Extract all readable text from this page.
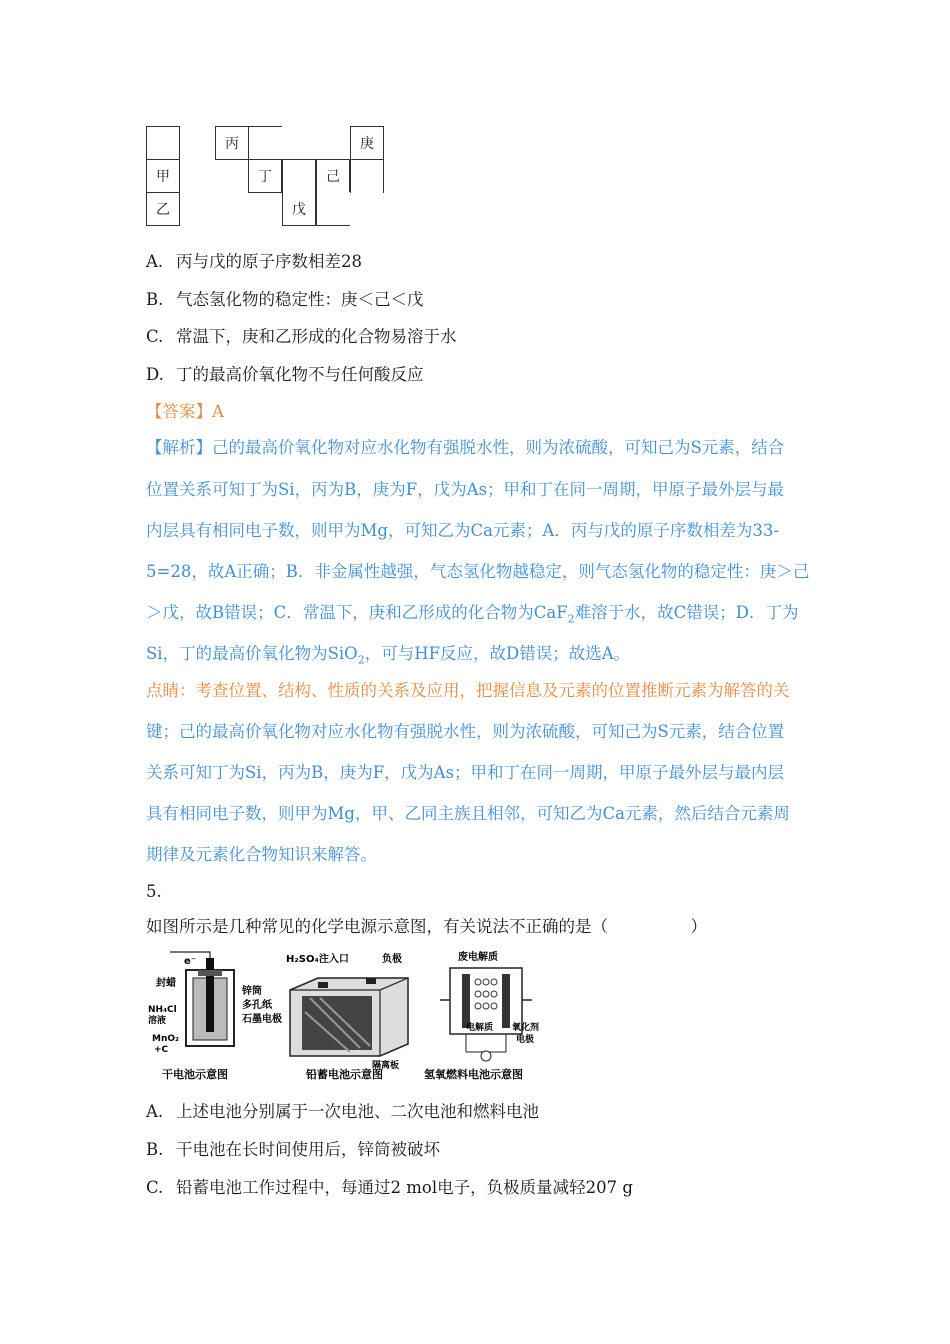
甲
乙
丙
丁
戊
己
庚
A. 丙与戊的原子序数相差28
B. 气态氢化物的稳定性：庚＜己＜戊
C. 常温下，庚和乙形成的化合物易溶于水
D. 丁的最高价氧化物不与任何酸反应
【答案】A
【解析】己的最高价氧化物对应水化物有强脱水性，则为浓硫酸，可知己为S元素，结合
位置关系可知丁为Si，丙为B，庚为F，戊为As；甲和丁在同一周期，甲原子最外层与最
内层具有相同电子数，则甲为Mg，可知乙为Ca元素；A．丙与戊的原子序数相差为33-
5=28，故A正确；B．非金属性越强，气态氢化物越稳定，则气态氢化物的稳定性：庚＞己
＞戊，故B错误；C．常温下，庚和乙形成的化合物为CaF$_2$难溶于水，故C错误；D．丁为
Si，丁的最高价氧化物为SiO$_2$，可与HF反应，故D错误；故选A。
点睛：考查位置、结构、性质的关系及应用，把握信息及元素的位置推断元素为解答的关
键；己的最高价氧化物对应水化物有强脱水性，则为浓硫酸，可知己为S元素，结合位置
关系可知丁为Si，丙为B，庚为F，戊为As；甲和丁在同一周期，甲原子最外层与最内层
具有相同电子数，则甲为Mg，甲、乙同主族且相邻，可知乙为Ca元素，然后结合元素周
期律及元素化合物知识来解答。
5.
如图所示是几种常见的化学电源示意图，有关说法不正确的是（　　　　　）
e⁻
封蜡
NH₄Cl
溶液
MnO₂
+C
锌筒
多孔纸
石墨电极
干电池示意图
H₂SO₄注入口	负极
隔离板
铅蓄电池示意图
废电解质
电解质 氧化剂
电极
氢氧燃料电池示意图
A. 上述电池分别属于一次电池、二次电池和燃料电池
B. 干电池在长时间使用后，锌筒被破坏
C. 铅蓄电池工作过程中，每通过2 mol电子，负极质量减轻207 g
